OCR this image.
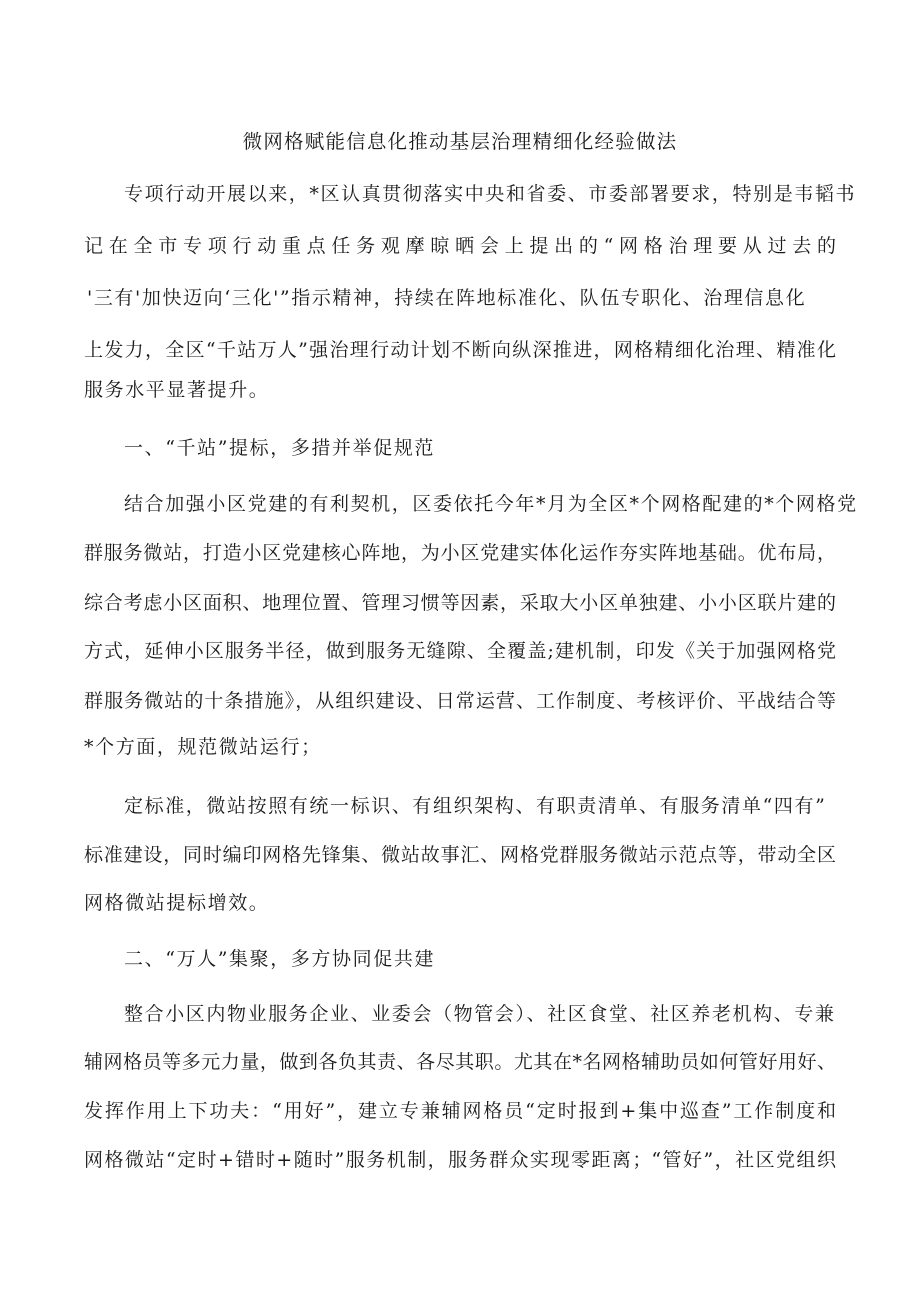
微网格赋能信息化推动基层治理精细化经验做法
专项行动开展以来，*区认真贯彻落实中央和省委、市委部署要求，特别是韦韬书
记在全市专项行动重点任务观摩晾晒会上提出的“网格治理要从过去的
'三有'加快迈向‘三化'”指示精神，持续在阵地标准化、队伍专职化、治理信息化
上发力，全区“千站万人”强治理行动计划不断向纵深推进，网格精细化治理、精准化
服务水平显著提升。
一、“千站”提标，多措并举促规范
结合加强小区党建的有利契机，区委依托今年*月为全区*个网格配建的*个网格党
群服务微站，打造小区党建核心阵地，为小区党建实体化运作夯实阵地基础。优布局，
综合考虑小区面积、地理位置、管理习惯等因素，采取大小区单独建、小小区联片建的
方式，延伸小区服务半径，做到服务无缝隙、全覆盖;建机制，印发《关于加强网格党
群服务微站的十条措施》，从组织建设、日常运营、工作制度、考核评价、平战结合等
*个方面，规范微站运行；
定标准，微站按照有统一标识、有组织架构、有职责清单、有服务清单“四有”
标准建设，同时编印网格先锋集、微站故事汇、网格党群服务微站示范点等，带动全区
网格微站提标增效。
二、“万人”集聚，多方协同促共建
整合小区内物业服务企业、业委会（物管会）、社区食堂、社区养老机构、专兼
辅网格员等多元力量，做到各负其责、各尽其职。尤其在*名网格辅助员如何管好用好、
发挥作用上下功夫：“用好”，建立专兼辅网格员“定时报到+集中巡查”工作制度和
网格微站“定时+错时+随时”服务机制，服务群众实现零距离；“管好”，社区党组织
